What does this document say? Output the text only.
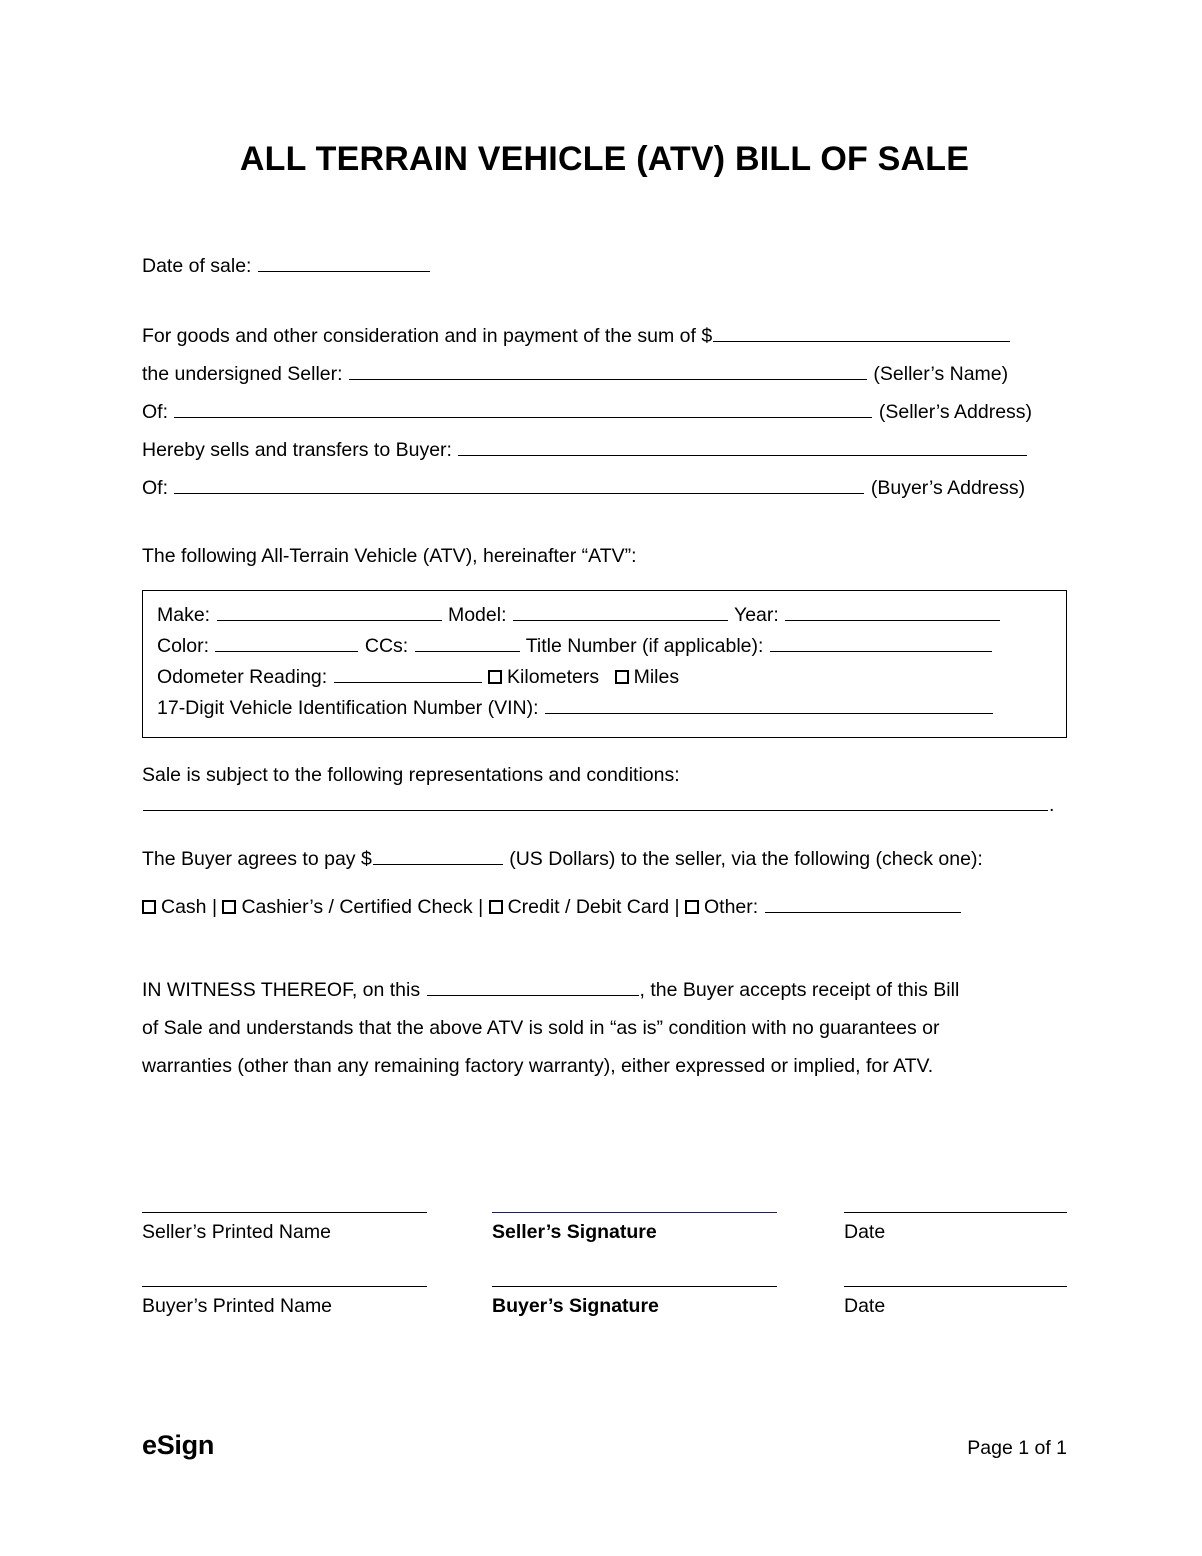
ALL TERRAIN VEHICLE (ATV) BILL OF SALE
Date of sale:
For goods and other consideration and in payment of the sum of $
the undersigned Seller:	(Seller’s Name)
Of:	(Seller’s Address)
Hereby sells and transfers to Buyer:
Of:	(Buyer’s Address)
The following All-Terrain Vehicle (ATV), hereinafter “ATV”:
Make:	Model:	Year:
Color:	CCs:	Title Number (if applicable):
Odometer Reading:	Kilometers Miles
17-Digit Vehicle Identification Number (VIN):
Sale is subject to the following representations and conditions:
.
The Buyer agrees to pay $	(US Dollars) to the seller, via the following (check one):
Cash | Cashier’s / Certified Check | Credit / Debit Card | Other:
IN WITNESS THEREOF, on this	, the Buyer accepts receipt of this Bill
of Sale and understands that the above ATV is sold in “as is” condition with no guarantees or
warranties (other than any remaining factory warranty), either expressed or implied, for ATV.
Seller’s Printed Name	Seller’s Signature	Date
Buyer’s Printed Name	Buyer’s Signature	Date
eSign	Page 1 of 1
